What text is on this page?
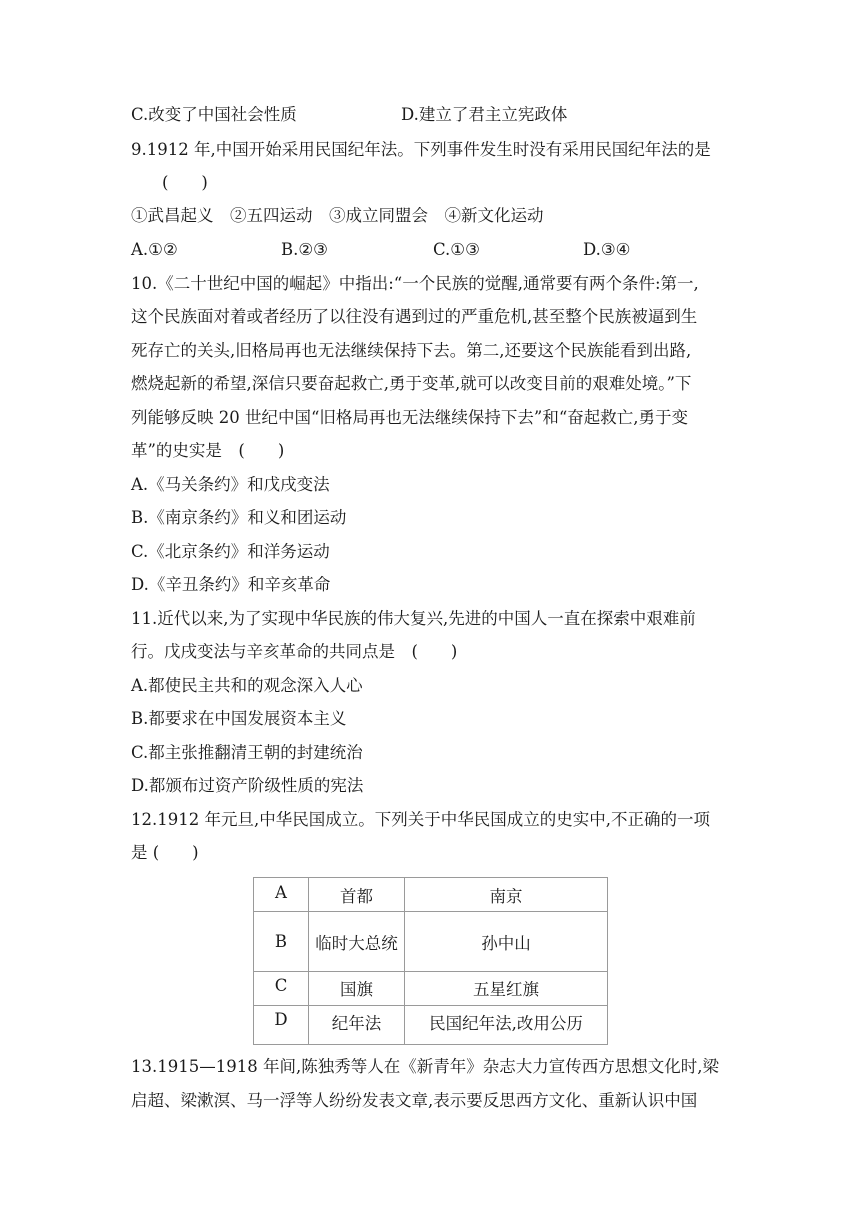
C.改变了中国社会性质	D.建立了君主立宪政体
9.1912 年,中国开始采用民国纪年法。下列事件发生时没有采用民国纪年法的是
(　　)
①武昌起义　②五四运动　③成立同盟会　④新文化运动
A.①②	B.②③	C.①③	D.③④
10.《二十世纪中国的崛起》中指出:“一个民族的觉醒,通常要有两个条件:第一,
这个民族面对着或者经历了以往没有遇到过的严重危机,甚至整个民族被逼到生
死存亡的关头,旧格局再也无法继续保持下去。第二,还要这个民族能看到出路,
燃烧起新的希望,深信只要奋起救亡,勇于变革,就可以改变目前的艰难处境。”下
列能够反映 20 世纪中国“旧格局再也无法继续保持下去”和“奋起救亡,勇于变
革”的史实是　(　　)
A.《马关条约》和戊戌变法
B.《南京条约》和义和团运动
C.《北京条约》和洋务运动
D.《辛丑条约》和辛亥革命
11.近代以来,为了实现中华民族的伟大复兴,先进的中国人一直在探索中艰难前
行。戊戌变法与辛亥革命的共同点是　(　　)
A.都使民主共和的观念深入人心
B.都要求在中国发展资本主义
C.都主张推翻清王朝的封建统治
D.都颁布过资产阶级性质的宪法
12.1912 年元旦,中华民国成立。下列关于中华民国成立的史实中,不正确的一项
是 (　　)
A	首都	南京
B	临时大总统	孙中山
C	国旗	五星红旗
D	纪年法	民国纪年法,改用公历
13.1915—1918 年间,陈独秀等人在《新青年》杂志大力宣传西方思想文化时,梁
启超、梁漱溟、马一浮等人纷纷发表文章,表示要反思西方文化、重新认识中国
